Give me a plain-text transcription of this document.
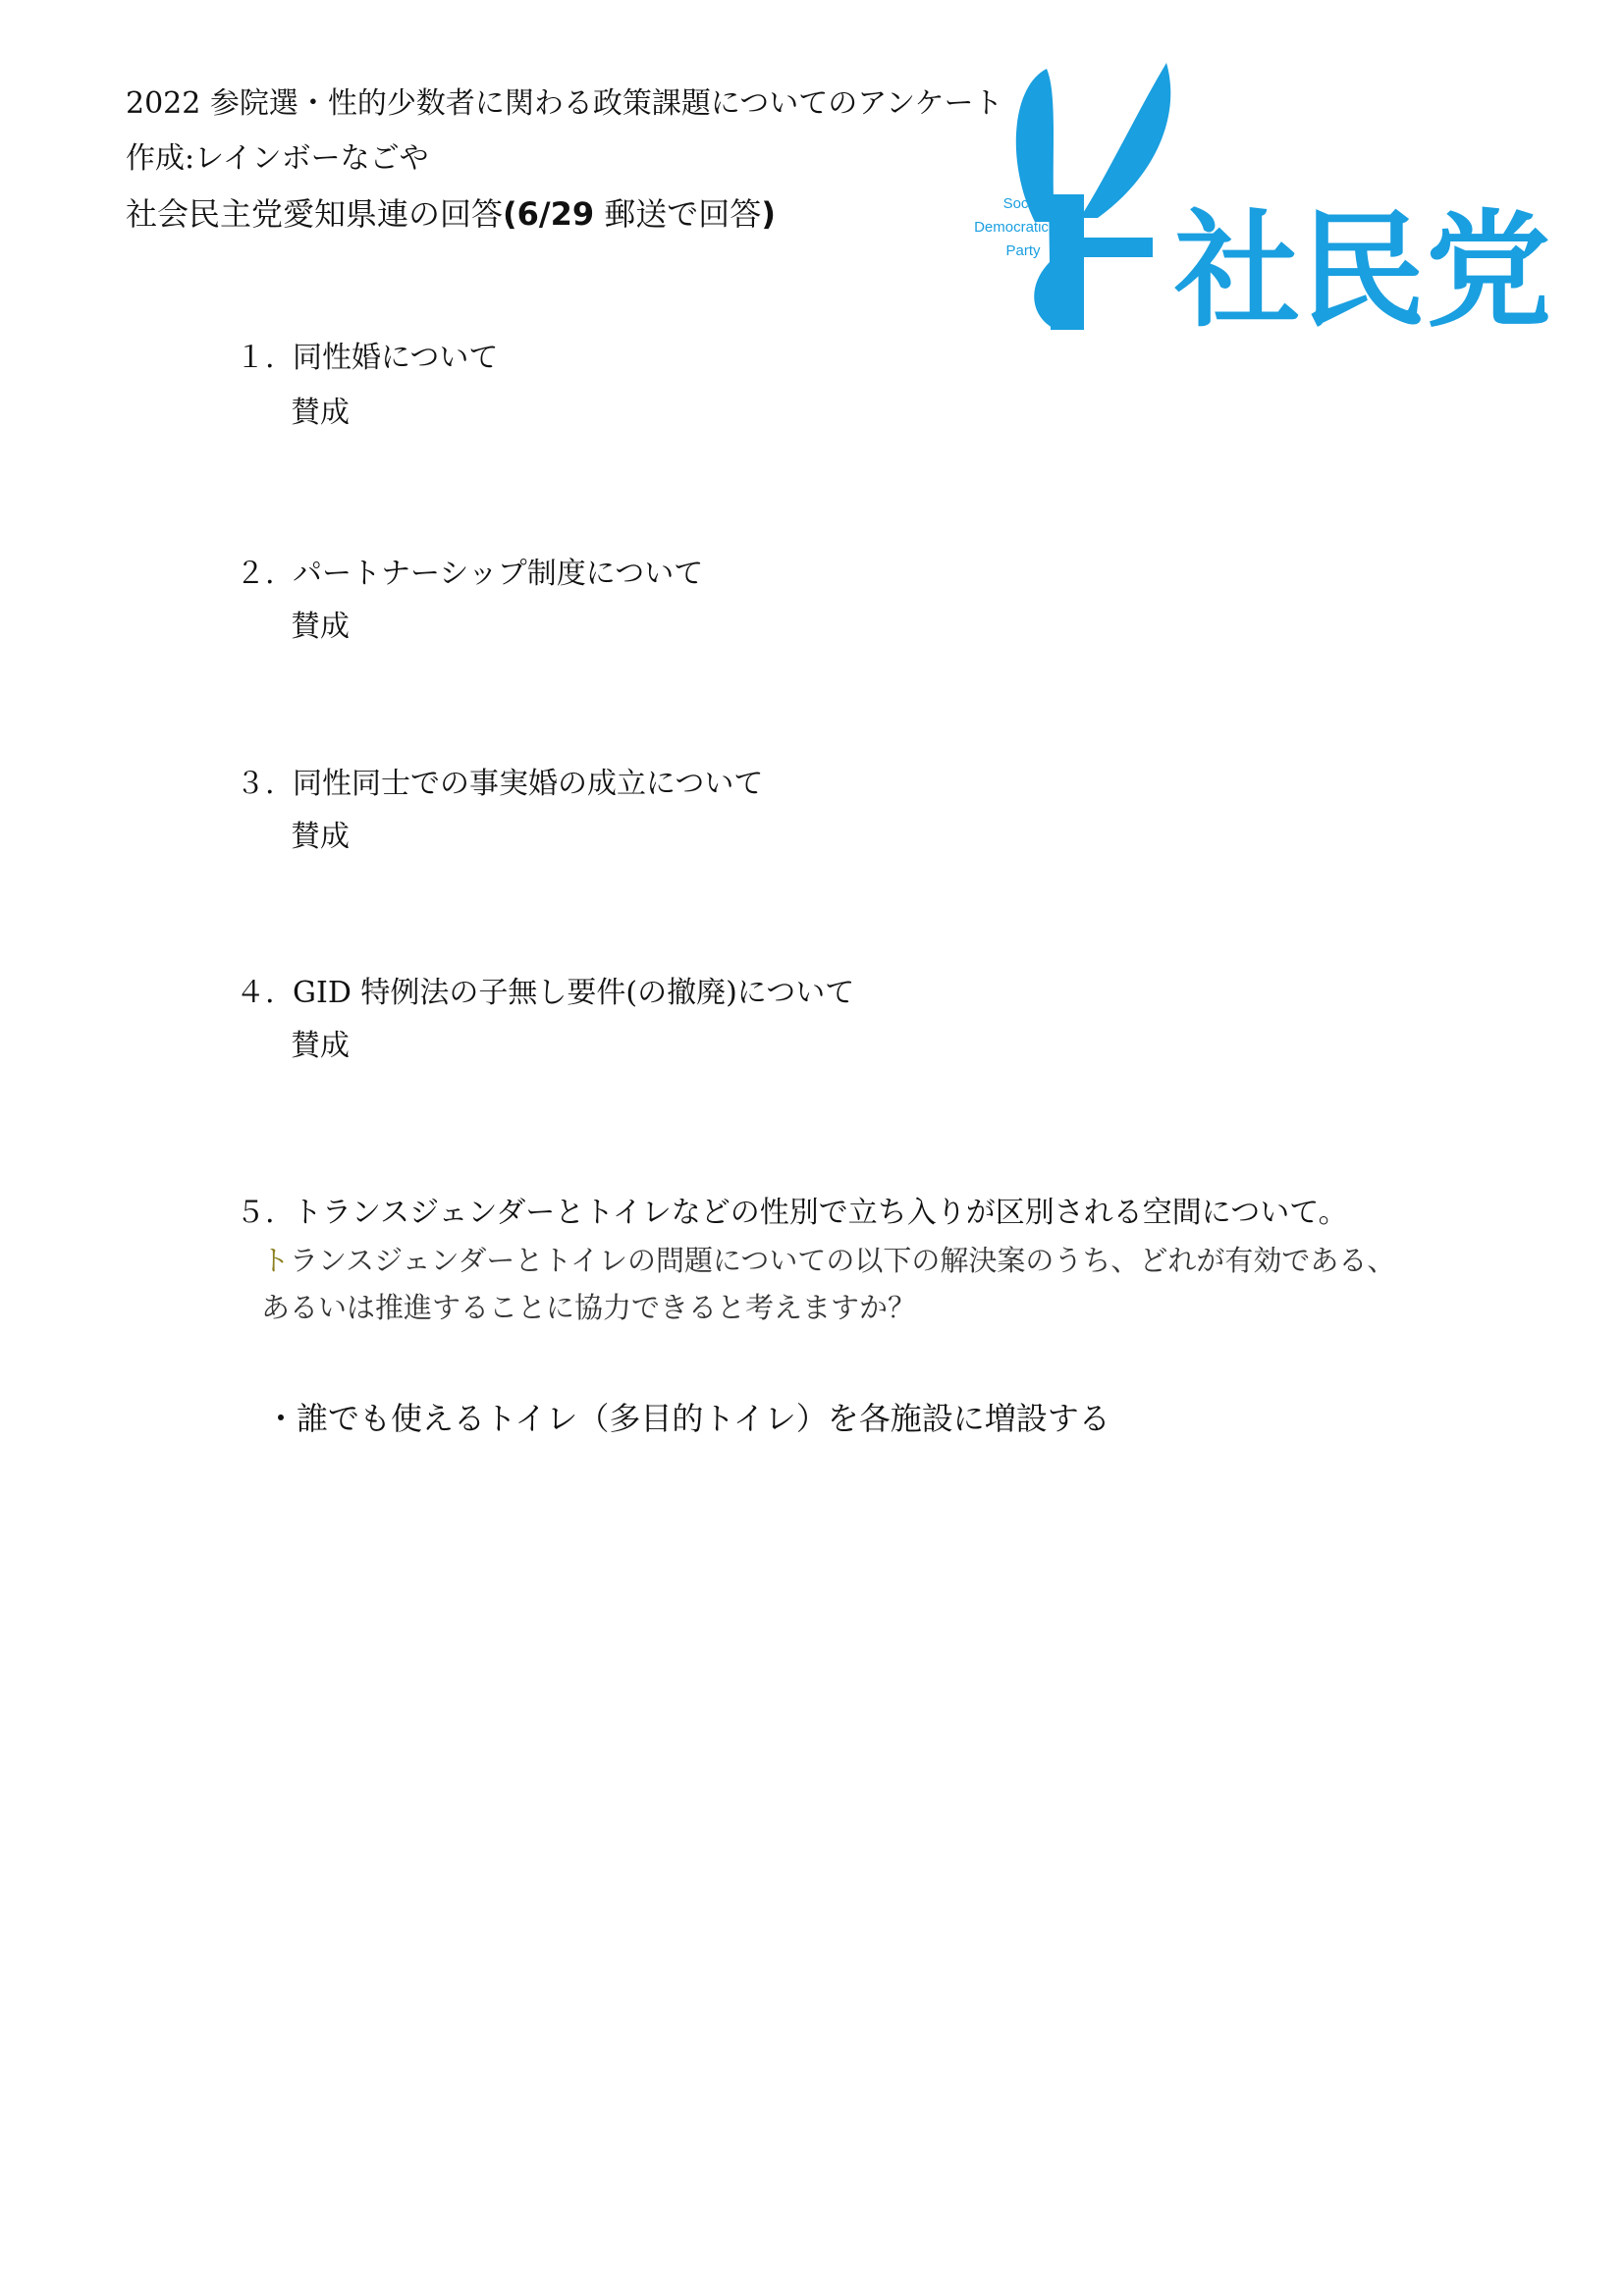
2022 参院選・性的少数者に関わる政策課題についてのアンケート
作成:レインボーなごや
社会民主党愛知県連の回答(6/29 郵送で回答)	Social
Democratic
Party 社民党
１. 同性婚について
賛成
２. パートナーシップ制度について
賛成
３. 同性同士での事実婚の成立について
賛成
４. GID 特例法の子無し要件(の撤廃)について
賛成
５. トランスジェンダーとトイレなどの性別で立ち入りが区別される空間について。
トランスジェンダーとトイレの問題についての以下の解決案のうち、どれが有効である、
あるいは推進することに協力できると考えますか？
・誰でも使えるトイレ（多目的トイレ）を各施設に増設する
